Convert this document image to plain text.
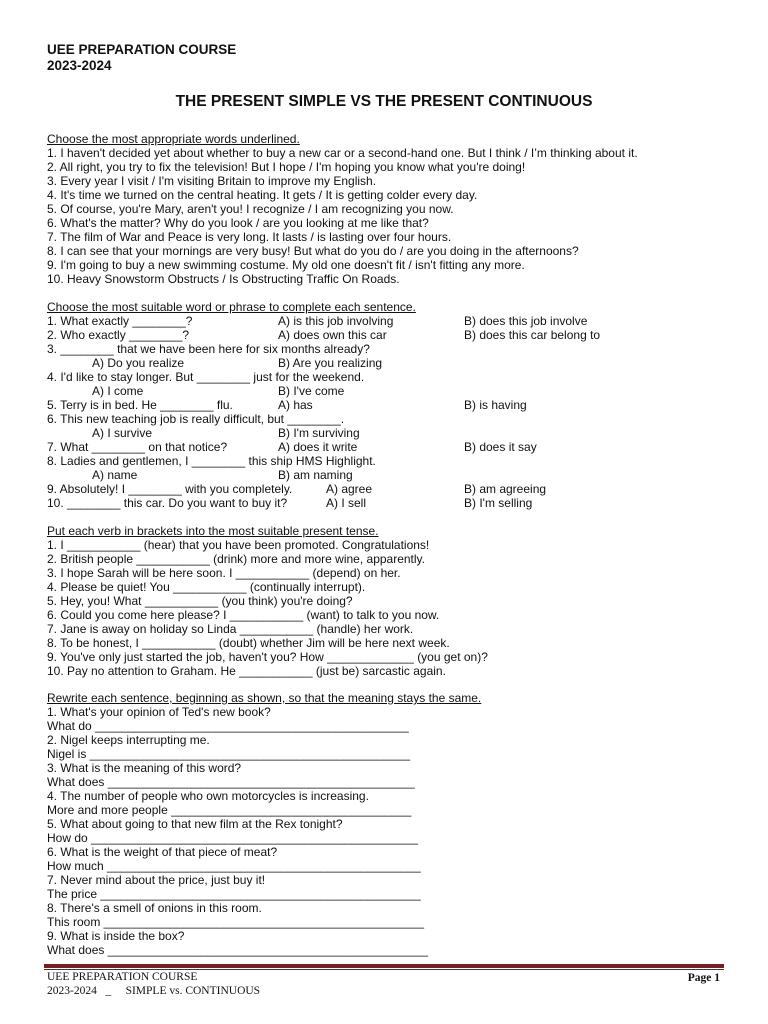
UEE PREPARATION COURSE
2023-2024
THE PRESENT SIMPLE VS THE PRESENT CONTINUOUS
Choose the most appropriate words underlined.
1. I haven't decided yet about whether to buy a new car or a second-hand one. But I think / I’m thinking about it.
2. All right, you try to fix the television! But I hope / I'm hoping you know what you're doing!
3. Every year I visit / I'm visiting Britain to improve my English.
4. It's time we turned on the central heating. It gets / It is getting colder every day.
5. Of course, you're Mary, aren't you! I recognize / I am recognizing you now.
6. What's the matter? Why do you look / are you looking at me like that?
7. The film of War and Peace is very long. It lasts / is lasting over four hours.
8. I can see that your mornings are very busy! But what do you do / are you doing in the afternoons?
9. I'm going to buy a new swimming costume. My old one doesn't fit / isn't fitting any more.
10. Heavy Snowstorm Obstructs / Is Obstructing Traffic On Roads.
Choose the most suitable word or phrase to complete each sentence.
1. What exactly ________?	A) is this job involving	B) does this job involve
2. Who exactly ________?	A) does own this car	B) does this car belong to
3. ________ that we have been here for six months already?
A) Do you realize	B) Are you realizing
4. I'd like to stay longer. But ________ just for the weekend.
A) I come	B) I've come
5. Terry is in bed. He ________ flu.	A) has	B) is having
6. This new teaching job is really difficult, but ________.
A) I survive	B) I'm surviving
7. What ________ on that notice?	A) does it write	B) does it say
8. Ladies and gentlemen, I ________ this ship HMS Highlight.
A) name	B) am naming
9. Absolutely! I ________ with you completely.	A) agree	B) am agreeing
10. ________ this car. Do you want to buy it?	A) I sell	B) I'm selling
Put each verb in brackets into the most suitable present tense.
1. I ___________ (hear) that you have been promoted. Congratulations!
2. British people ___________ (drink) more and more wine, apparently.
3. I hope Sarah will be here soon. I ___________ (depend) on her.
4. Please be quiet! You ___________ (continually interrupt).
5. Hey, you! What ___________ (you think) you're doing?
6. Could you come here please? I ___________ (want) to talk to you now.
7. Jane is away on holiday so Linda ___________ (handle) her work.
8. To be honest, I ___________ (doubt) whether Jim will be here next week.
9. You've only just started the job, haven't you? How _____________ (you get on)?
10. Pay no attention to Graham. He ___________ (just be) sarcastic again.
Rewrite each sentence, beginning as shown, so that the meaning stays the same.
1. What's your opinion of Ted's new book?
What do _______________________________________________
2. Nigel keeps interrupting me.
Nigel is ________________________________________________
3. What is the meaning of this word?
What does ______________________________________________
4. The number of people who own motorcycles is increasing.
More and more people ____________________________________
5. What about going to that new film at the Rex tonight?
How do _________________________________________________
6. What is the weight of that piece of meat?
How much _______________________________________________
7. Never mind about the price, just buy it!
The price ________________________________________________
8. There's a smell of onions in this room.
This room ________________________________________________
9. What is inside the box?
What does ________________________________________________
UEE PREPARATION COURSE
2023-2024   _     SIMPLE vs. CONTINUOUS
Page 1
